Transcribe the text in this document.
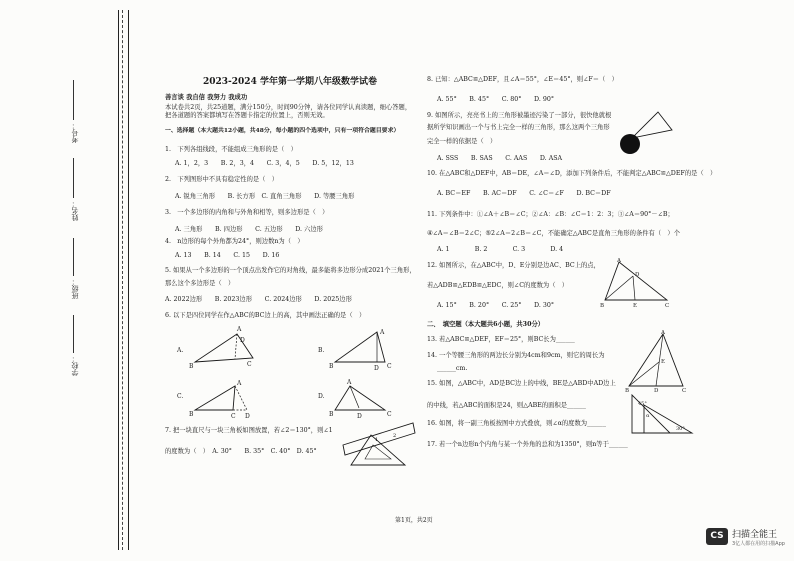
学校：
班级：
姓名：
考号：
2023-2024 学年第一学期八年级数学试卷
善言谈 我自信 我努力 我成功
本试卷共2页，共25道题，满分150分，时间90分钟，请各位同学认真读题，细心答题，把各道题的答案都填写在答题卡指定的位置上，否则无效。
一、选择题（本大题共12小题，共48分，每小题的四个选项中，只有一项符合题目要求）
1.　下列各组线段，不能组成三角形的是（　）
A. 1，2，3　　B. 2，3，4　　C. 3，4，5　　D. 5，12，13
2.　下列图形中不具有稳定性的是（　）
A. 锐角三角形　　B. 长方形　C. 直角三角形　　D. 等腰三角形
3.　一个多边形的内角和与外角和相等，则多边形是（　）
A. 三角形　　B. 四边形　　C. 五边形　　D. 六边形
4.　n边形的每个外角都为24°，则边数n为（　）
A. 13　　B. 14　　C. 15　　D. 16
5. 如果从一个多边形的一个顶点出发作它的对角线，最多能将多边形分成2021个三角形，
那么这个多边形是（　）
A. 2022边形　　B. 2023边形　　C. 2024边形　　D. 2025边形
6. 以下是四位同学在作△ABC的BC边上的高，其中画法正确的是（　）
A.
B
A
C
D
B.
B
A
D C
C.
B	C D
A
D.
B
A
C
D
7. 把一块直尺与一块三角板如图放置，若∠2＝130°，则∠1
的度数为（　）　A. 30°　　B. 35°　C. 40°　D. 45°
1
2
8. 已知：△ABC≌△DEF，且∠A＝55°，∠E＝45°，则∠F＝（　）
A. 55°　　B. 45°　　C. 80°　　D. 90°
9. 如图所示，亮亮书上的三角形被墨迹污染了一部分，很快他就根
据所学知识画出一个与书上完全一样的三角形，那么这两个三角形
完全一样的依据是（　）
A. SSS　　B. SAS　　C. AAS　　D. ASA
10. 在△ABC和△DEF中，AB＝DE，∠A＝∠D，添加下列条件后，不能判定△ABC≌△DEF的是（　）
A. BC＝EF　　B. AC＝DF　　C. ∠C＝∠F　　D. BC＝DF
11. 下列条件中：①∠A＋∠B＝∠C；②∠A：∠B：∠C＝1：2：3；③∠A＝90°－∠B；
④∠A＝∠B＝2∠C；⑤2∠A＝2∠B＝∠C，不能确定△ABC是直角三角形的条件有（　）个
A. 1　　　　B. 2　　　　C. 3　　　　D. 4
12. 如图所示，在△ABC中，D、E分别是边AC、BC上的点，
若△ADB≌△EDB≌△EDC，则∠C的度数为（　）
A. 15°　　B. 20°　　C. 25°　　D. 30°
A
D
B	E	C
二、　填空题（本大题共6小题，共30分）
13. 若△ABC≌△DEF，EF＝25°，则BC长为______
14. 一个等腰三角形的两边长分别为4cm和9cm，则它的周长为
______cm.
15. 如图，△ABC中，AD是BC边上的中线，BE是△ABD中AD边上
的中线，若△ABC的面积是24，则△ABE的面积是______
A
E
B	D	C
16. 如图，将一副三角板按图中方式叠放，则∠α的度数为______
α
45°
30°
17. 若一个n边形n个内角与某一个外角的总和为1350°，则n等于______
第1页，共2页
CS 扫描全能王
3亿人都在用的扫描App
